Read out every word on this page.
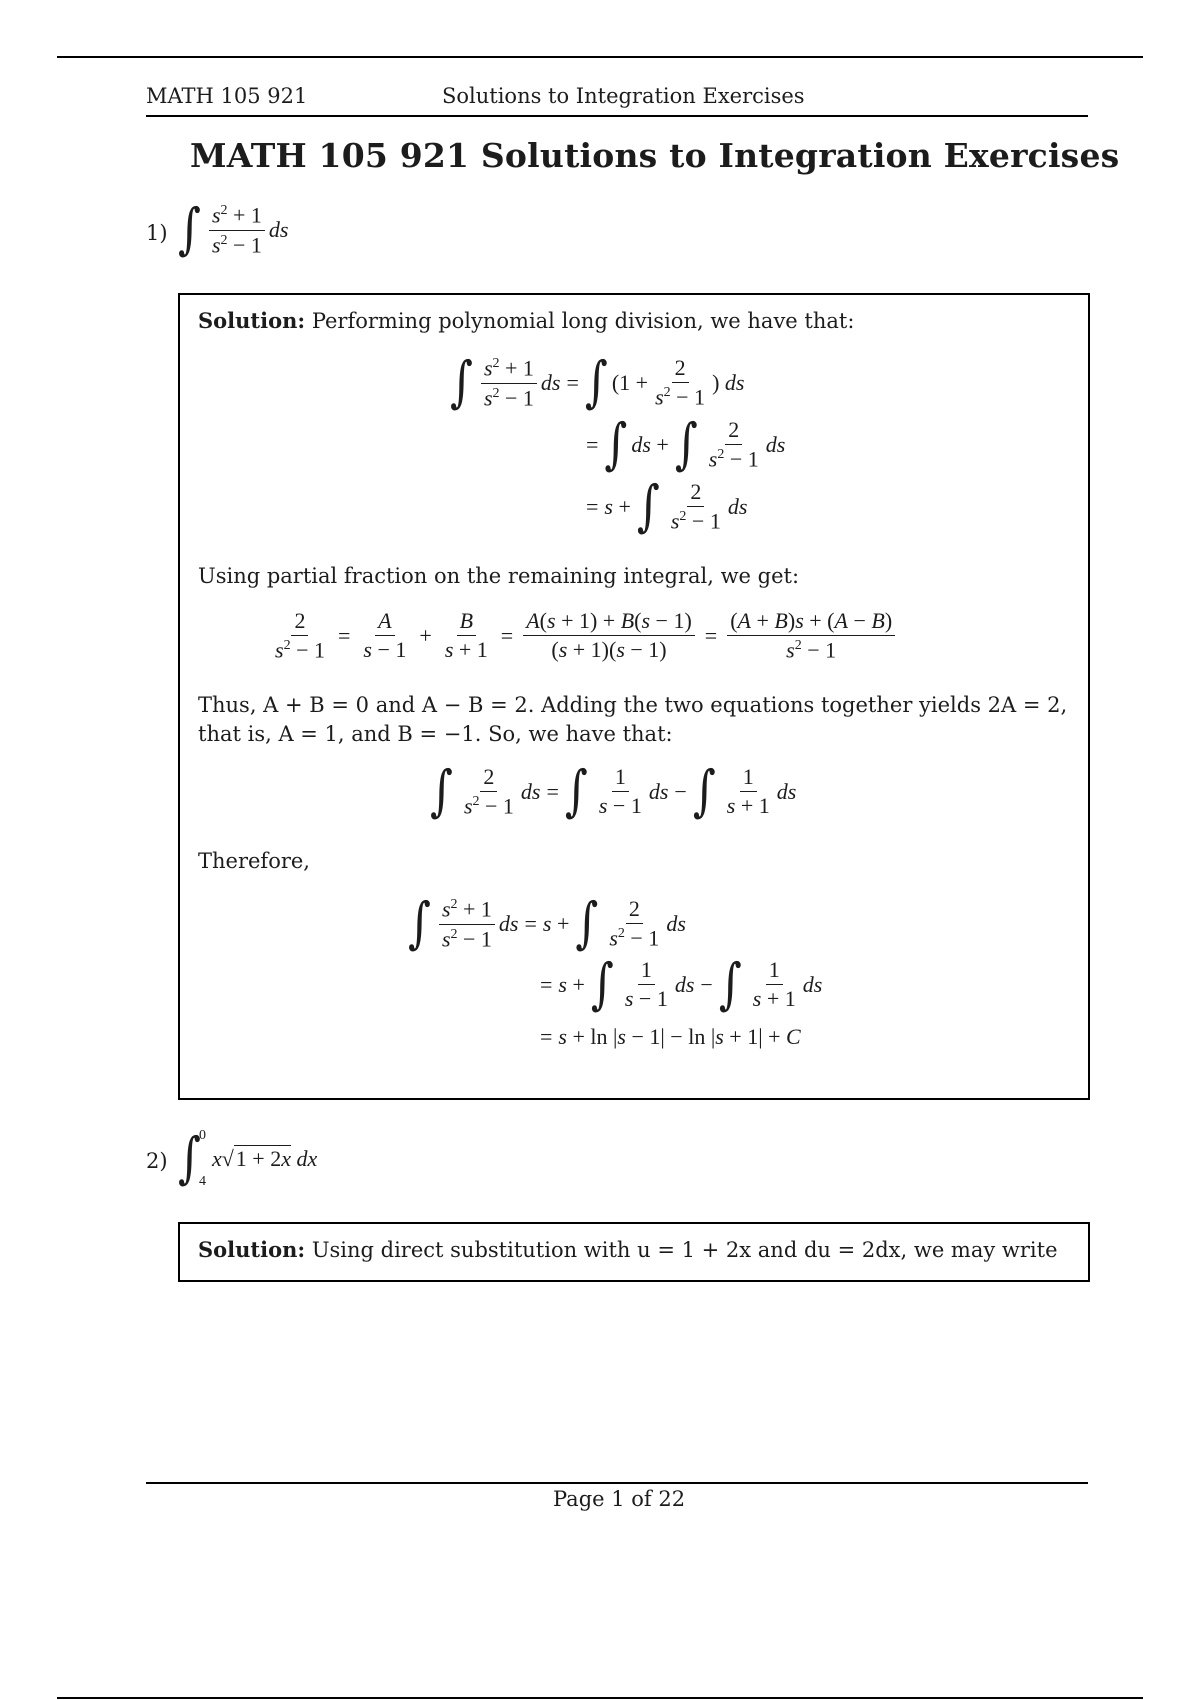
MATH 105 921	Solutions to Integration Exercises
MATH 105 921 Solutions to Integration Exercises
1) ∫ $\frac{s^2 + 1}{s^2 - 1}$ ds
Solution: Performing polynomial long division, we have that:
∫ $\frac{s^2 + 1}{s^2 - 1}$ ds = ∫ ($1 + \frac{2}{s^2 - 1}$ ) ds
= ∫ ds + ∫ $\frac{2}{s^2 - 1}$ ds
= s + ∫ $\frac{2}{s^2 - 1}$ ds
Using partial fraction on the remaining integral, we get:
$\frac{2}{s^2 - 1} = \frac{A}{s - 1} + \frac{B}{s + 1} = \frac{A(s + 1) + B(s - 1)}{(s + 1)(s - 1)} = \frac{(A + B)s + (A - B)}{s^2 - 1}$
Thus, A + B = 0 and A − B = 2. Adding the two equations together yields 2A = 2,
that is, A = 1, and B = −1. So, we have that:
∫ $\frac{2}{s^2 - 1}$ ds = ∫ $\frac{1}{s - 1}$ ds − ∫ $\frac{1}{s + 1}$ ds
Therefore,
∫ $\frac{s^2 + 1}{s^2 - 1}$ ds = s + ∫ $\frac{2}{s^2 - 1}$ ds
= s + ∫ $\frac{1}{s - 1}$ ds − ∫ $\frac{1}{s + 1}$ ds
= s + ln |s − 1| − ln |s + 1| + C
2) ∫
0
4
x√1 + 2x dx
Solution: Using direct substitution with u = 1 + 2x and du = 2dx, we may write
Page 1 of 22
